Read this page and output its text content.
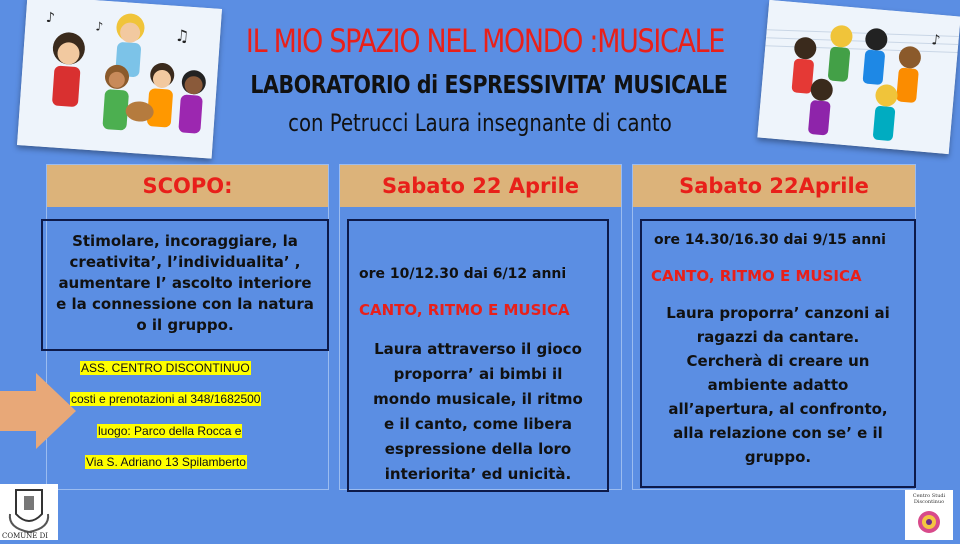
♪
♫
♪
♪
IL MIO SPAZIO NEL MONDO :MUSICALE
LABORATORIO di ESPRESSIVITA’ MUSICALE
con Petrucci Laura insegnante di canto
SCOPO:	Sabato 22 Aprile	Sabato 22Aprile
Stimolare, incoraggiare, la
creativita’, l’individualita’ ,
aumentare l’ ascolto interiore
e la connessione con la natura
o il gruppo.
ASS. CENTRO DISCONTINUO
costi e prenotazioni al 348/1682500
luogo: Parco della Rocca e
Via S. Adriano 13 Spilamberto
ore 10/12.30 dai 6/12 anni
CANTO, RITMO E MUSICA
Laura attraverso il gioco
proporra’ ai bimbi il
mondo musicale, il ritmo
e il canto, come libera
espressione della loro
interiorita’ ed unicità.
ore 14.30/16.30 dai 9/15 anni
CANTO, RITMO E MUSICA
Laura proporra’ canzoni ai
ragazzi da cantare.
Cercherà di creare un
ambiente adatto
all’apertura, al confronto,
alla relazione con se’ e il
gruppo.
COMUNE DI
Centro Studi Discontinuo
